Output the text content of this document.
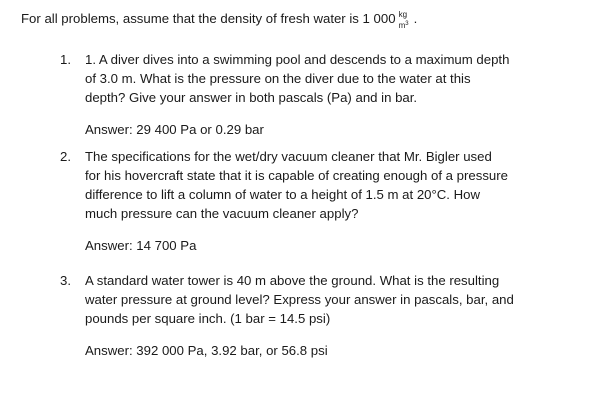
For all problems, assume that the density of fresh water is 1 000 kg
$m^3$ .
1. 1. A diver dives into a swimming pool and descends to a maximum depth
of 3.0 m. What is the pressure on the diver due to the water at this
depth? Give your answer in both pascals (Pa) and in bar.
Answer: 29 400 Pa or 0.29 bar
2. The specifications for the wet/dry vacuum cleaner that Mr. Bigler used
for his hovercraft state that it is capable of creating enough of a pressure
difference to lift a column of water to a height of 1.5 m at 20°C. How
much pressure can the vacuum cleaner apply?
Answer: 14 700 Pa
3. A standard water tower is 40 m above the ground. What is the resulting
water pressure at ground level? Express your answer in pascals, bar, and
pounds per square inch. (1 bar = 14.5 psi)
Answer: 392 000 Pa, 3.92 bar, or 56.8 psi
